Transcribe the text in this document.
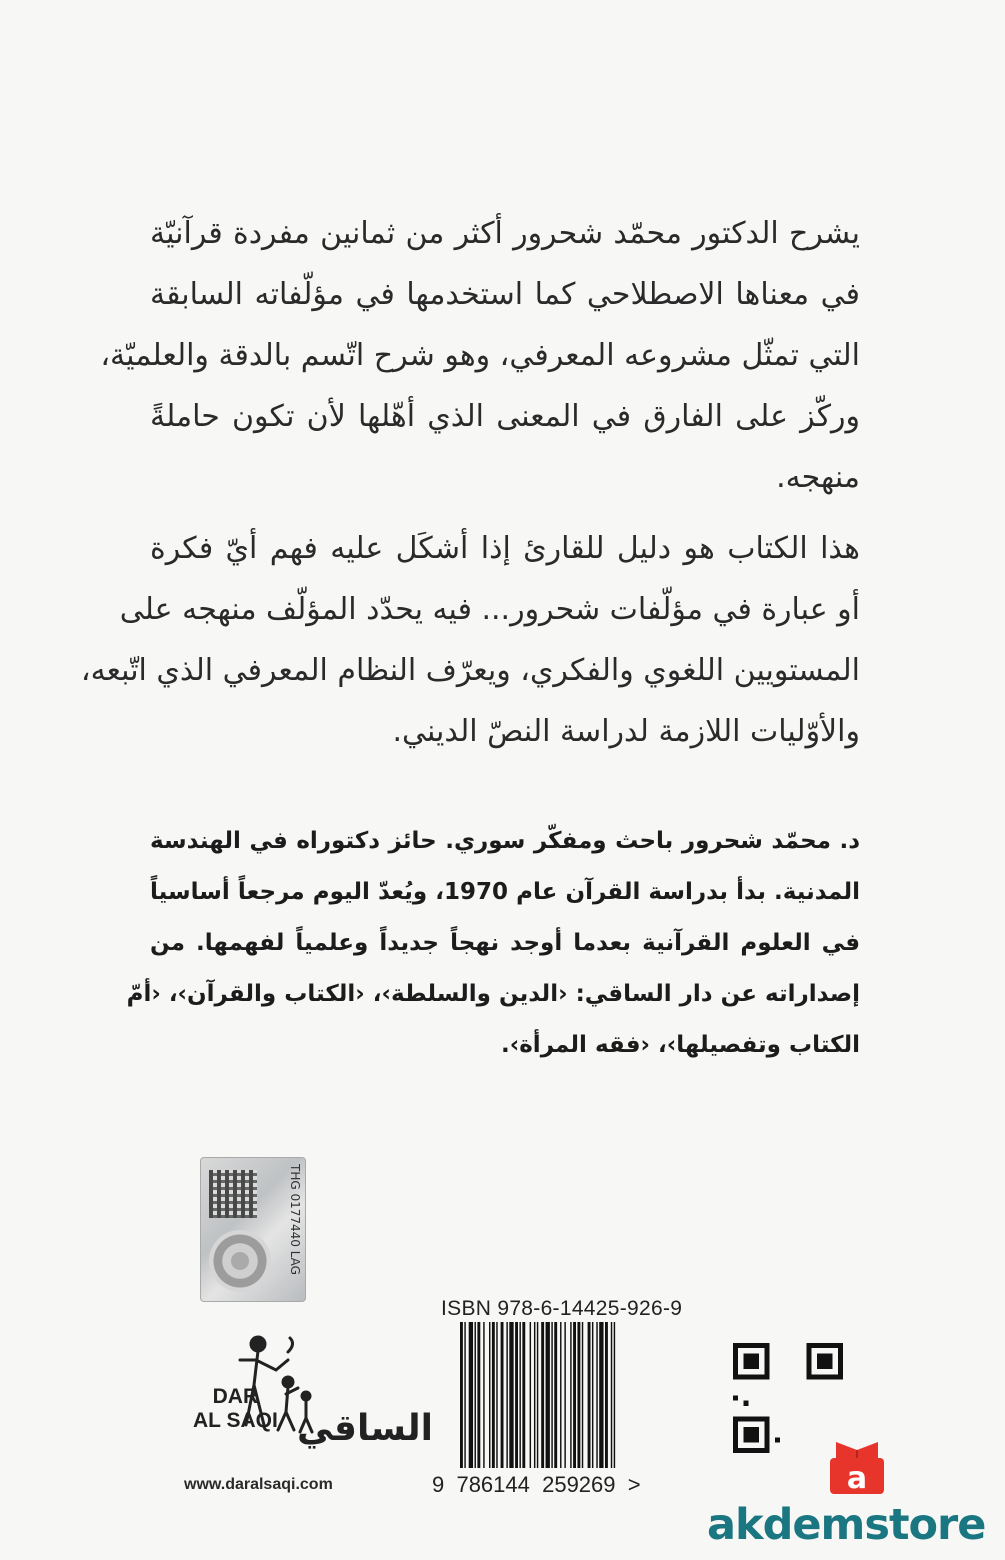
يشرح الدكتور محمّد شحرور أكثر من ثمانين مفردة قرآنيّة
في معناها الاصطلاحي كما استخدمها في مؤلّفاته السابقة
التي تمثّل مشروعه المعرفي، وهو شرح اتّسم بالدقة والعلميّة،
وركّز على الفارق في المعنى الذي أهّلها لأن تكون حاملةً
منهجه.

هذا الكتاب هو دليل للقارئ إذا أشكَل عليه فهم أيّ فكرة
أو عبارة في مؤلّفات شحرور... فيه يحدّد المؤلّف منهجه على
المستويين اللغوي والفكري، ويعرّف النظام المعرفي الذي اتّبعه،
والأوّليات اللازمة لدراسة النصّ الديني.

د. محمّد شحرور باحث ومفكّر سوري. حائز دكتوراه في الهندسة
المدنية. بدأ بدراسة القرآن عام 1970، ويُعدّ اليوم مرجعاً أساسياً
في العلوم القرآنية بعدما أوجد نهجاً جديداً وعلمياً لفهمها. من
إصداراته عن دار الساقي: ‹الدين والسلطة›، ‹الكتاب والقرآن›، ‹أمّ
الكتاب وتفصيلها›، ‹فقه المرأة›.

THG 0177440 LAG
ISBN 978-6-14425-926-9
9  786144  259269  >
DAR
AL SAQI الساقي
www.daralsaqi.com	a
akdemstore
